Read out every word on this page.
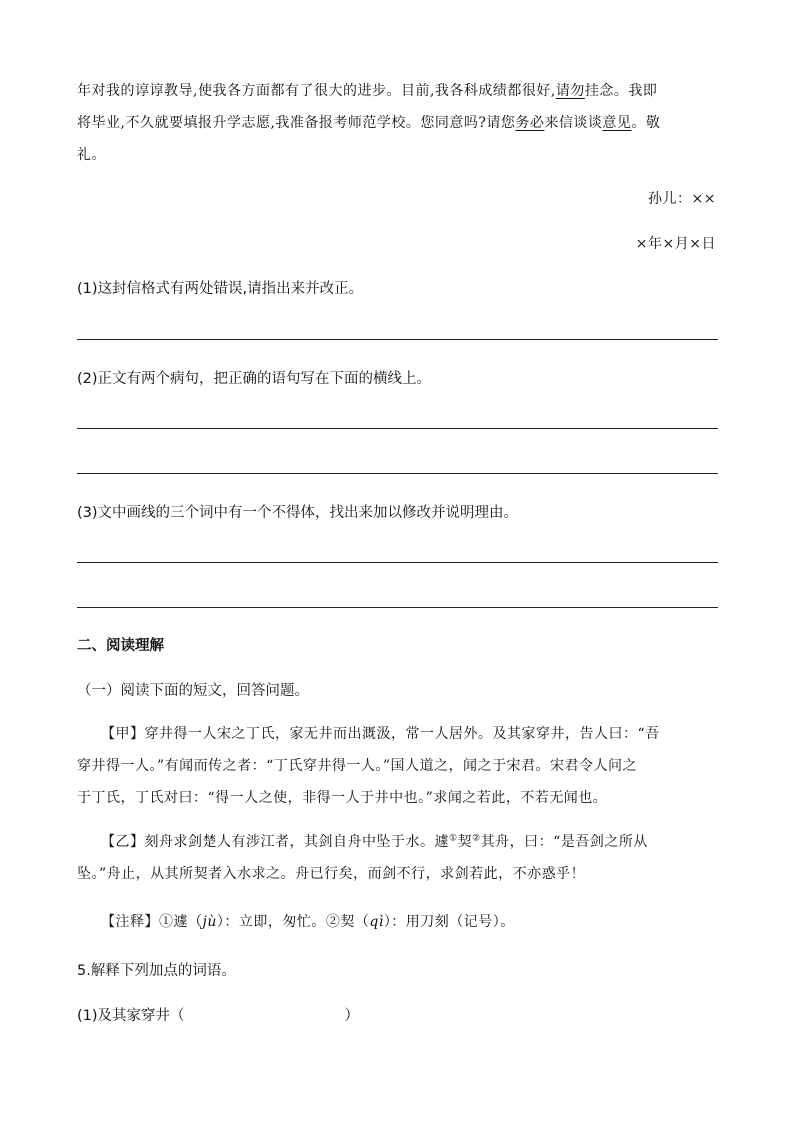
年对我的谆谆教导,使我各方面都有了很大的进步。目前,我各科成绩都很好,请勿挂念。我即
将毕业,不久就要填报升学志愿,我准备报考师范学校。您同意吗?请您务必来信谈谈意见。敬
礼。
孙儿：××
×年×月×日
(1)这封信格式有两处错误,请指出来并改正。
(2)正文有两个病句，把正确的语句写在下面的横线上。
(3)文中画线的三个词中有一个不得体，找出来加以修改并说明理由。
二、阅读理解
（一）阅读下面的短文，回答问题。
【甲】穿井得一人宋之丁氏，家无井而出溉汲，常一人居外。及其家穿井，告人曰：“吾
穿井得一人。”有闻而传之者：“丁氏穿井得一人。”国人道之，闻之于宋君。宋君令人问之
于丁氏，丁氏对曰：“得一人之使，非得一人于井中也。”求闻之若此，不若无闻也。
【乙】刻舟求剑楚人有涉江者，其剑自舟中坠于水。遽①契②其舟，曰：“是吾剑之所从
坠。”舟止，从其所契者入水求之。舟已行矣，而剑不行，求剑若此，不亦惑乎！
【注释】①遽（jù）：立即，匆忙。②契（qì）：用刀刻（记号）。
5.解释下列加点的词语。
(1)及其家穿井（	）
